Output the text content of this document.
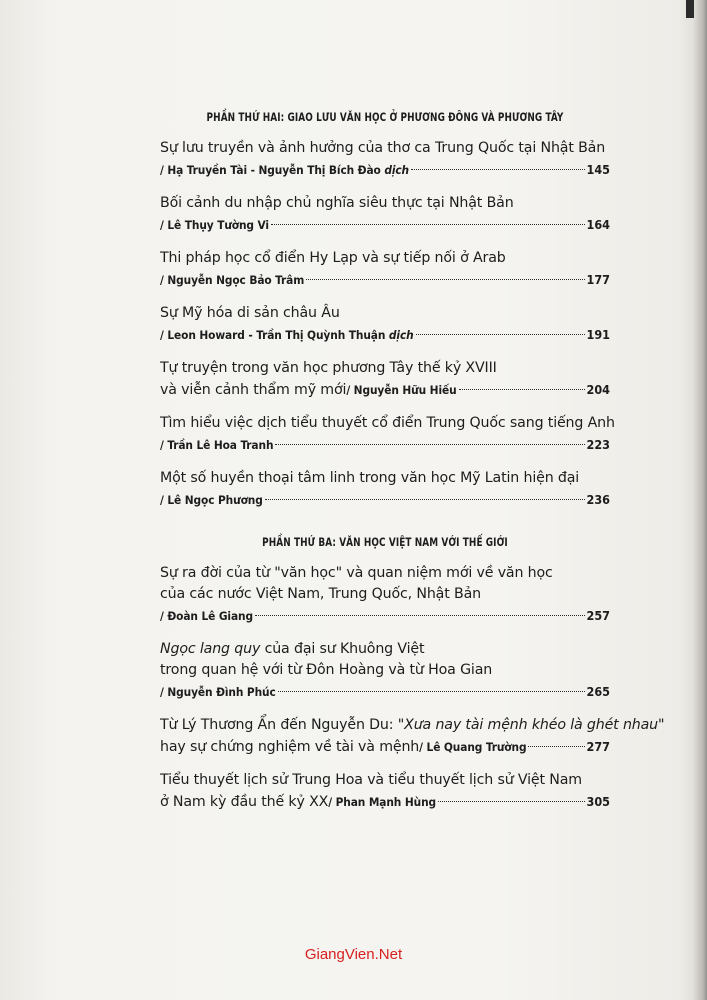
PHẦN THỨ HAI: GIAO LƯU VĂN HỌC Ở PHƯƠNG ĐÔNG VÀ PHƯƠNG TÂY
Sự lưu truyền và ảnh hưởng của thơ ca Trung Quốc tại Nhật Bản
/ Hạ Truyền Tài - Nguyễn Thị Bích Đào dịch	145
Bối cảnh du nhập chủ nghĩa siêu thực tại Nhật Bản
/ Lê Thụy Tường Vi	164
Thi pháp học cổ điển Hy Lạp và sự tiếp nối ở Arab
/ Nguyễn Ngọc Bảo Trâm	177
Sự Mỹ hóa di sản châu Âu
/ Leon Howard - Trần Thị Quỳnh Thuận dịch	191
Tự truyện trong văn học phương Tây thế kỷ XVIII
và viễn cảnh thẩm mỹ mới / Nguyễn Hữu Hiếu	204
Tìm hiểu việc dịch tiểu thuyết cổ điển Trung Quốc sang tiếng Anh
/ Trần Lê Hoa Tranh	223
Một số huyền thoại tâm linh trong văn học Mỹ Latin hiện đại
/ Lê Ngọc Phương	236
PHẦN THỨ BA: VĂN HỌC VIỆT NAM VỚI THẾ GIỚI
Sự ra đời của từ "văn học" và quan niệm mới về văn học
của các nước Việt Nam, Trung Quốc, Nhật Bản
/ Đoàn Lê Giang	257
Ngọc lang quy của đại sư Khuông Việt
trong quan hệ với từ Đôn Hoàng và từ Hoa Gian
/ Nguyễn Đình Phúc	265
Từ Lý Thương Ẩn đến Nguyễn Du: "Xưa nay tài mệnh khéo là ghét nhau"
hay sự chứng nghiệm về tài và mệnh / Lê Quang Trường	277
Tiểu thuyết lịch sử Trung Hoa và tiểu thuyết lịch sử Việt Nam
ở Nam kỳ đầu thế kỷ XX / Phan Mạnh Hùng	305
GiangVien.Net
